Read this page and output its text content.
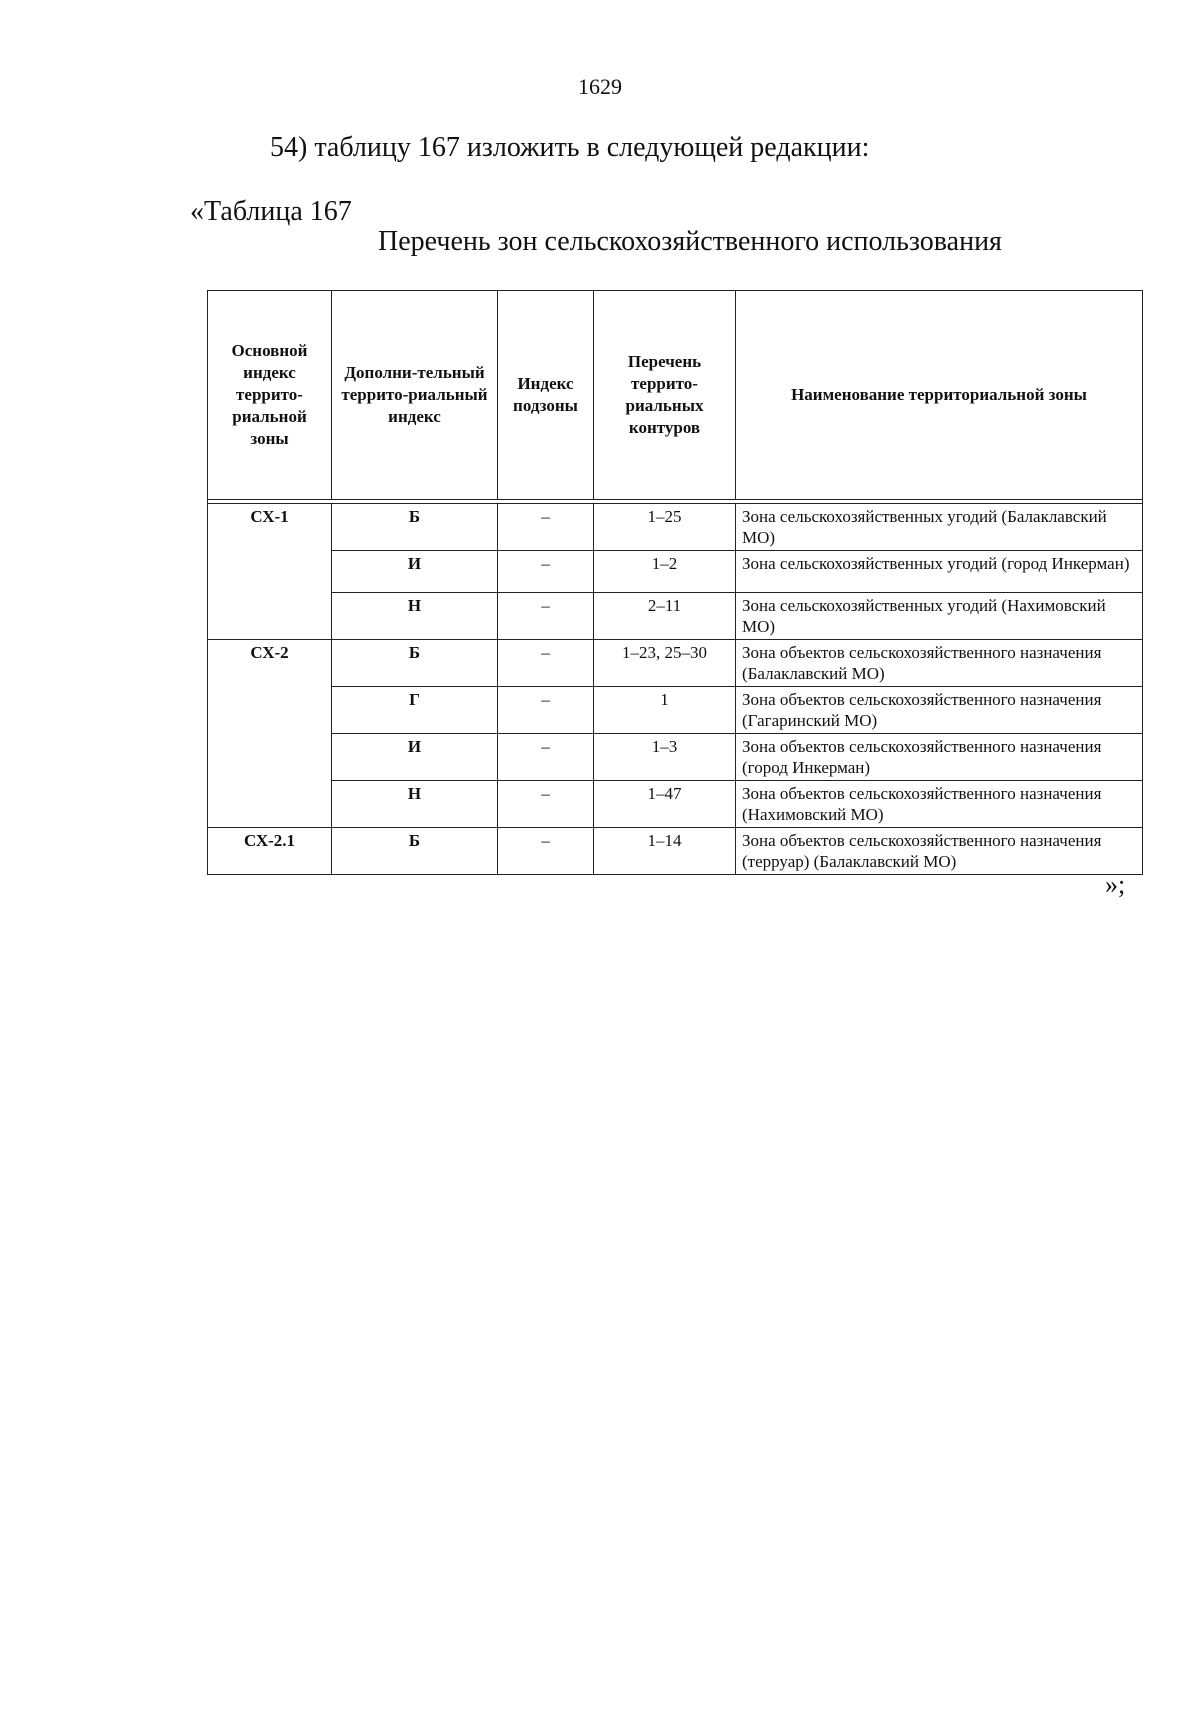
1629
54) таблицу 167 изложить в следующей редакции:
«Таблица 167
Перечень зон сельскохозяйственного использования
Основной индекс террито-риальной зоны	Дополни-тельный террито-риальный индекс	Индекс подзоны	Перечень террито-риальных контуров	Наименование территориальной зоны

СХ-1	Б	–	1–25	Зона сельскохозяйственных угодий (Балаклавский МО)
	И	–	1–2	Зона сельскохозяйственных угодий (город Инкерман)
	Н	–	2–11	Зона сельскохозяйственных угодий (Нахимовский МО)
СХ-2	Б	–	1–23, 25–30	Зона объектов сельскохозяйственного назначения (Балаклавский МО)
	Г	–	1	Зона объектов сельскохозяйственного назначения (Гагаринский МО)
	И	–	1–3	Зона объектов сельскохозяйственного назначения (город Инкерман)
	Н	–	1–47	Зона объектов сельскохозяйственного назначения (Нахимовский МО)
СХ-2.1	Б	–	1–14	Зона объектов сельскохозяйственного назначения (терруар) (Балаклавский МО)
»;
